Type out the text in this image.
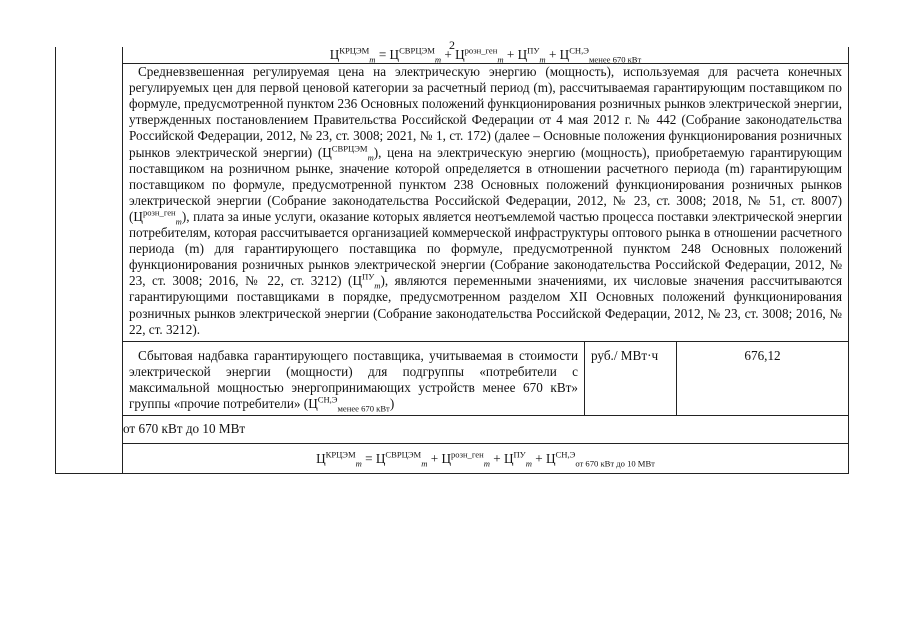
2
	$Ц^{КРЦЭМ}_m = Ц^{СВРЦЭМ}_m + Ц^{розн\_ген}_m + Ц^{ПУ}_m + Ц^{СН,Э}_{менее 670 кВт}$

	Средневзвешенная регулируемая цена на электрическую энергию (мощность), используемая для расчета конечных регулируемых цен для первой ценовой категории за расчетный период (m), рассчитываемая гарантирующим поставщиком по формуле, предусмотренной пунктом 236 Основных положений функционирования розничных рынков электрической энергии, утвержденных постановлением Правительства Российской Федерации от 4 мая 2012 г. № 442 (Собрание законодательства Российской Федерации, 2012, № 23, ст. 3008; 2021, № 1, ст. 172) (далее – Основные положения функционирования розничных рынков электрической энергии) $(Ц^{СВРЦЭМ}_m)$, цена на электрическую энергию (мощность), приобретаемую гарантирующим поставщиком на розничном рынке, значение которой определяется в отношении расчетного периода (m) гарантирующим поставщиком по формуле, предусмотренной пунктом 238 Основных положений функционирования розничных рынков электрической энергии (Собрание законодательства Российской Федерации, 2012, № 23, ст. 3008; 2018, № 51, ст. 8007) $(Ц^{розн\_ген}_m)$, плата за иные услуги, оказание которых является неотъемлемой частью процесса поставки электрической энергии потребителям, которая рассчитывается организацией коммерческой инфраструктуры оптового рынка в отношении расчетного периода (m) для гарантирующего поставщика по формуле, предусмотренной пунктом 248 Основных положений функционирования розничных рынков электрической энергии (Собрание законодательства Российской Федерации, 2012, № 23, ст. 3008; 2016, № 22, ст. 3212) $(Ц^{ПУ}_m)$, являются переменными значениями, их числовые значения рассчитываются гарантирующими поставщиками в порядке, предусмотренном разделом XII Основных положений функционирования розничных рынков электрической энергии (Собрание законодательства Российской Федерации, 2012, № 23, ст. 3008; 2016, № 22, ст. 3212).		

	Сбытовая надбавка гарантирующего поставщика, учитываемая в стоимости электрической энергии (мощности) для подгруппы «потребители с максимальной мощностью энергопринимающих устройств менее 670 кВт» группы «прочие потребители» $(Ц^{СН,Э}_{менее 670 кВт})$	руб./ МВт·ч	676,12
	от 670 кВт до 10 МВт		
	$Ц^{КРЦЭМ}_m = Ц^{СВРЦЭМ}_m + Ц^{розн\_ген}_m + Ц^{ПУ}_m + Ц^{СН,Э}_{от 670 кВт до 10 МВт}$
